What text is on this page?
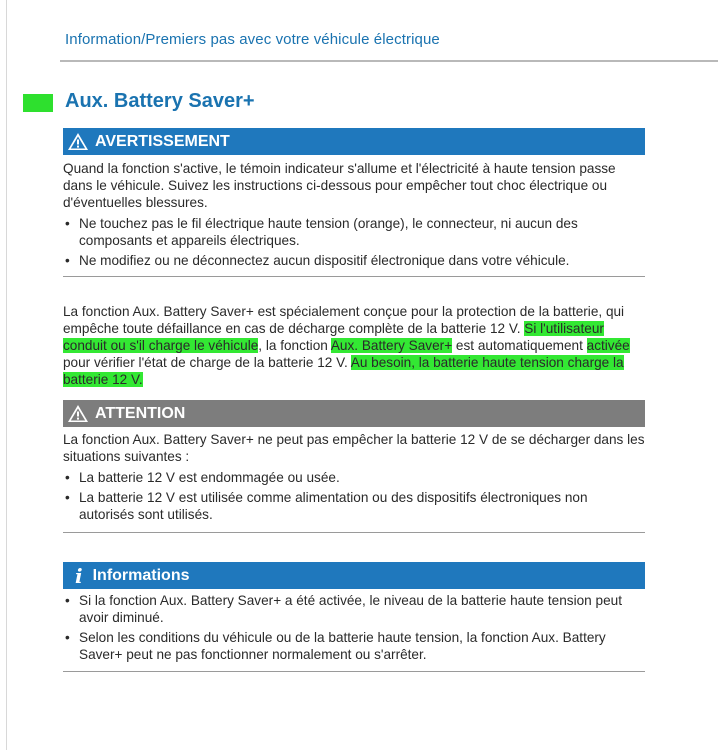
Information/Premiers pas avec votre véhicule électrique
Aux. Battery Saver+
AVERTISSEMENT

Quand la fonction s'active, le témoin indicateur s'allume et l'électricité à haute tension passe dans le véhicule. Suivez les instructions ci-dessous pour empêcher tout choc électrique ou d'éventuelles blessures.

• Ne touchez pas le fil électrique haute tension (orange), le connecteur, ni aucun des composants et appareils électriques.
• Ne modifiez ou ne déconnectez aucun dispositif électronique dans votre véhicule.
La fonction Aux. Battery Saver+ est spécialement conçue pour la protection de la batterie, qui empêche toute défaillance en cas de décharge complète de la batterie 12 V. Si l'utilisateur conduit ou s'il charge le véhicule, la fonction Aux. Battery Saver+ est automatiquement activée pour vérifier l'état de charge de la batterie 12 V. Au besoin, la batterie haute tension charge la batterie 12 V.
ATTENTION

La fonction Aux. Battery Saver+ ne peut pas empêcher la batterie 12 V de se décharger dans les situations suivantes :

• La batterie 12 V est endommagée ou usée.
• La batterie 12 V est utilisée comme alimentation ou des dispositifs électroniques non autorisés sont utilisés.
i Informations
• Si la fonction Aux. Battery Saver+ a été activée, le niveau de la batterie haute tension peut avoir diminué.
• Selon les conditions du véhicule ou de la batterie haute tension, la fonction Aux. Battery Saver+ peut ne pas fonctionner normalement ou s'arrêter.
